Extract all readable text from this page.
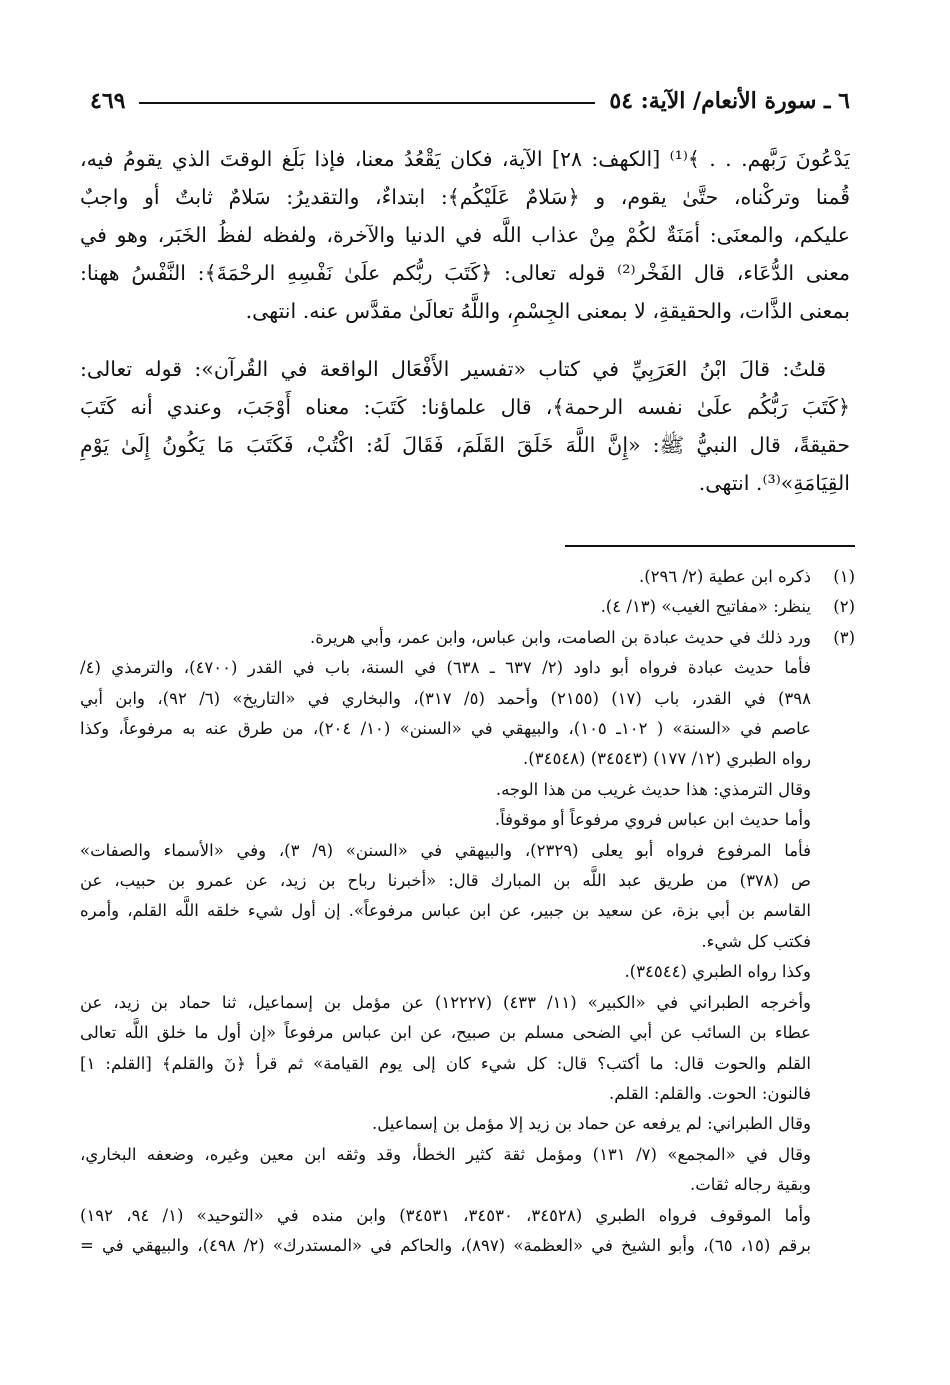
٦ ـ سورة الأنعام/ الآية: ٥٤
٤٦٩
يَدْعُونَ رَبَّهم. . . ﴾⁽¹⁾ [الكهف: ٢٨] الآية، فكان يَقْعُدُ معنا، فإذا بَلَغ الوقتَ الذي يقومُ فيه،
قُمنا وتركْناه، حتَّىٰ يقوم، و ﴿سَلامٌ عَلَيْكُم﴾: ابتداءٌ، والتقديرُ: سَلامٌ ثابتٌ أو واجبٌ
عليكم، والمعنَى: أمَنَةٌ لكُمْ مِنْ عذاب اللَّه في الدنيا والآخرة، ولفظه لفظُ الخَبَر، وهو في
معنى الدُّعَاء، قال الفَخْر⁽²⁾ قوله تعالى: ﴿كَتَبَ ربُّكم علَىٰ نَفْسِهِ الرحْمَةَ﴾: النَّفْسُ ههنا:
بمعنى الذَّات، والحقيقةِ، لا بمعنى الجِسْمِ، واللَّهُ تعالَىٰ مقدَّس عنه. انتهى.
قلتُ: قالَ ابْنُ العَرَبِيِّ في كتاب «تفسير الأَفْعَال الواقعة في القُرآن»: قوله تعالى:
﴿كَتَبَ رَبُّكُم علَىٰ نفسه الرحمة﴾، قال علماؤنا: كَتَبَ: معناه أَوْجَبَ، وعندي أنه كَتَبَ
حقيقةً، قال النبيُّ ﷺ: «إِنَّ اللَّهَ خَلَقَ القَلَمَ، فَقَالَ لَهُ: اكْتُبْ، فَكَتَبَ مَا يَكُونُ إِلَىٰ يَوْمِ
القِيَامَةِ»⁽³⁾. انتهى.
(١)
ذكره ابن عطية (٢/ ٢٩٦).
(٢)
ينظر: «مفاتيح الغيب» (١٣/ ٤).
(٣)
ورد ذلك في حديث عبادة بن الصامت، وابن عباس، وابن عمر، وأبي هريرة.
فأما حديث عبادة فرواه أبو داود (٢/ ٦٣٧ ـ ٦٣٨) في السنة، باب في القدر (٤٧٠٠)، والترمذي (٤/
٣٩٨) في القدر، باب (١٧) (٢١٥٥) وأحمد (٥/ ٣١٧)، والبخاري في «التاريخ» (٦/ ٩٢)، وابن أبي
عاصم في «السنة» ( ١٠٢ـ ١٠٥)، والبيهقي في «السنن» (١٠/ ٢٠٤)، من طرق عنه به مرفوعاً، وكذا
رواه الطبري (١٢/ ١٧٧) (٣٤٥٤٣) (٣٤٥٤٨).
وقال الترمذي: هذا حديث غريب من هذا الوجه.
وأما حديث ابن عباس فروي مرفوعاً أو موقوفاً.
فأما المرفوع فرواه أبو يعلى (٢٣٢٩)، والبيهقي في «السنن» (٩/ ٣)، وفي «الأسماء والصفات»
ص (٣٧٨) من طريق عبد اللَّه بن المبارك قال: «أخبرنا رباح بن زيد، عن عمرو بن حبيب، عن
القاسم بن أبي بزة، عن سعيد بن جبير، عن ابن عباس مرفوعاً». إن أول شيء خلقه اللَّه القلم، وأمره
فكتب كل شيء.
وكذا رواه الطبري (٣٤٥٤٤).
وأخرجه الطبراني في «الكبير» (١١/ ٤٣٣) (١٢٢٢٧) عن مؤمل بن إسماعيل، ثنا حماد بن زيد، عن
عطاء بن السائب عن أبي الضحى مسلم بن صبيح، عن ابن عباس مرفوعاً «إن أول ما خلق اللَّه تعالى
القلم والحوت قال: ما أكتب؟ قال: كل شيء كان إلى يوم القيامة» ثم قرأ ﴿نٓ والقلم﴾ [القلم: ١]
فالنون: الحوت. والقلم: القلم.
وقال الطبراني: لم يرفعه عن حماد بن زيد إلا مؤمل بن إسماعيل.
وقال في «المجمع» (٧/ ١٣١) ومؤمل ثقة كثير الخطأ، وقد وثقه ابن معين وغيره، وضعفه البخاري،
وبقية رجاله ثقات.
وأما الموقوف فرواه الطبري (٣٤٥٢٨، ٣٤٥٣٠، ٣٤٥٣١) وابن منده في «التوحيد» (١/ ٩٤، ١٩٢)
برقم (١٥، ٦٥)، وأبو الشيخ في «العظمة» (٨٩٧)، والحاكم في «المستدرك» (٢/ ٤٩٨)، والبيهقي في =
